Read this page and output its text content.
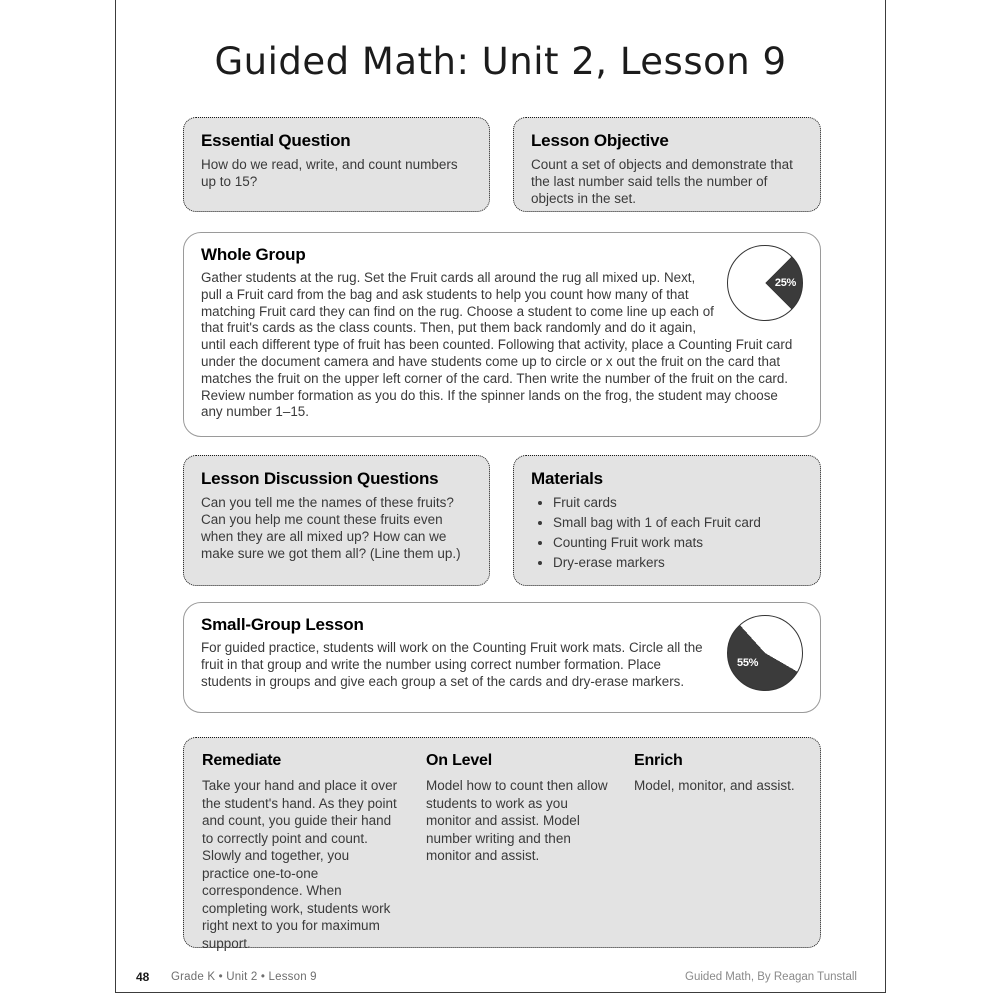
Guided Math: Unit 2, Lesson 9
Essential Question

How do we read, write, and count numbers up to 15?

Lesson Objective

Count a set of objects and demonstrate that the last number said tells the number of objects in the set.

25%
Whole Group

Gather students at the rug. Set the Fruit cards all around the rug all mixed up. Next, pull a Fruit card from the bag and ask students to help you count how many of that matching Fruit card they can find on the rug. Choose a student to come line up each of that fruit's cards as the class counts. Then, put them back randomly and do it again, until each different type of fruit has been counted. Following that activity, place a Counting Fruit card under the document camera and have students come up to circle or x out the fruit on the card that matches the fruit on the upper left corner of the card. Then write the number of the fruit on the card. Review number formation as you do this. If the spinner lands on the frog, the student may choose any number 1–15.

Lesson Discussion Questions

Can you tell me the names of these fruits? Can you help me count these fruits even when they are all mixed up? How can we make sure we got them all? (Line them up.)

Materials
• Fruit cards
• Small bag with 1 of each Fruit card
• Counting Fruit work mats
• Dry-erase markers
55%
Small-Group Lesson

For guided practice, students will work on the Counting Fruit work mats. Circle all the fruit in that group and write the number using correct number formation. Place students in groups and give each group a set of the cards and dry-erase markers.

Remediate

Take your hand and place it over the student's hand. As they point and count, you guide their hand to correctly point and count. Slowly and together, you practice one-to-one correspondence. When completing work, students work right next to you for maximum support.

On Level

Model how to count then allow students to work as you monitor and assist. Model number writing and then monitor and assist.

Enrich

Model, monitor, and assist.

48 Grade K • Unit 2 • Lesson 9	Guided Math, By Reagan Tunstall
